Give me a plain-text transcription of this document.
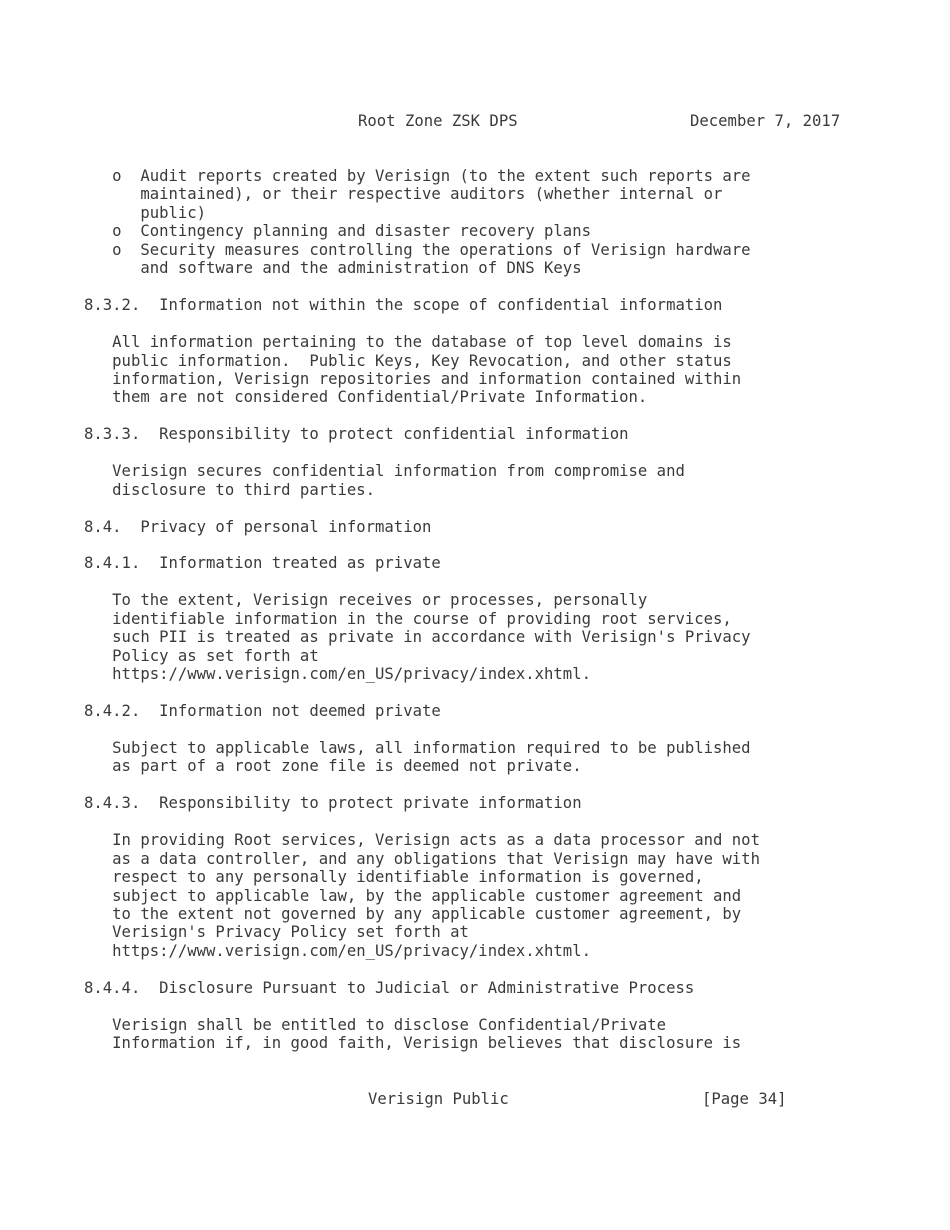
Root Zone ZSK DPS	December 7, 2017
o  Audit reports created by Verisign (to the extent such reports are
maintained), or their respective auditors (whether internal or
public)
o  Contingency planning and disaster recovery plans
o  Security measures controlling the operations of Verisign hardware
and software and the administration of DNS Keys
8.3.2.  Information not within the scope of confidential information
All information pertaining to the database of top level domains is
public information.  Public Keys, Key Revocation, and other status
information, Verisign repositories and information contained within
them are not considered Confidential/Private Information.
8.3.3.  Responsibility to protect confidential information
Verisign secures confidential information from compromise and
disclosure to third parties.
8.4.  Privacy of personal information
8.4.1.  Information treated as private
To the extent, Verisign receives or processes, personally
identifiable information in the course of providing root services,
such PII is treated as private in accordance with Verisign's Privacy
Policy as set forth at
https://www.verisign.com/en_US/privacy/index.xhtml.
8.4.2.  Information not deemed private
Subject to applicable laws, all information required to be published
as part of a root zone file is deemed not private.
8.4.3.  Responsibility to protect private information
In providing Root services, Verisign acts as a data processor and not
as a data controller, and any obligations that Verisign may have with
respect to any personally identifiable information is governed,
subject to applicable law, by the applicable customer agreement and
to the extent not governed by any applicable customer agreement, by
Verisign's Privacy Policy set forth at
https://www.verisign.com/en_US/privacy/index.xhtml.
8.4.4.  Disclosure Pursuant to Judicial or Administrative Process
Verisign shall be entitled to disclose Confidential/Private
Information if, in good faith, Verisign believes that disclosure is
Verisign Public	[Page 34]
